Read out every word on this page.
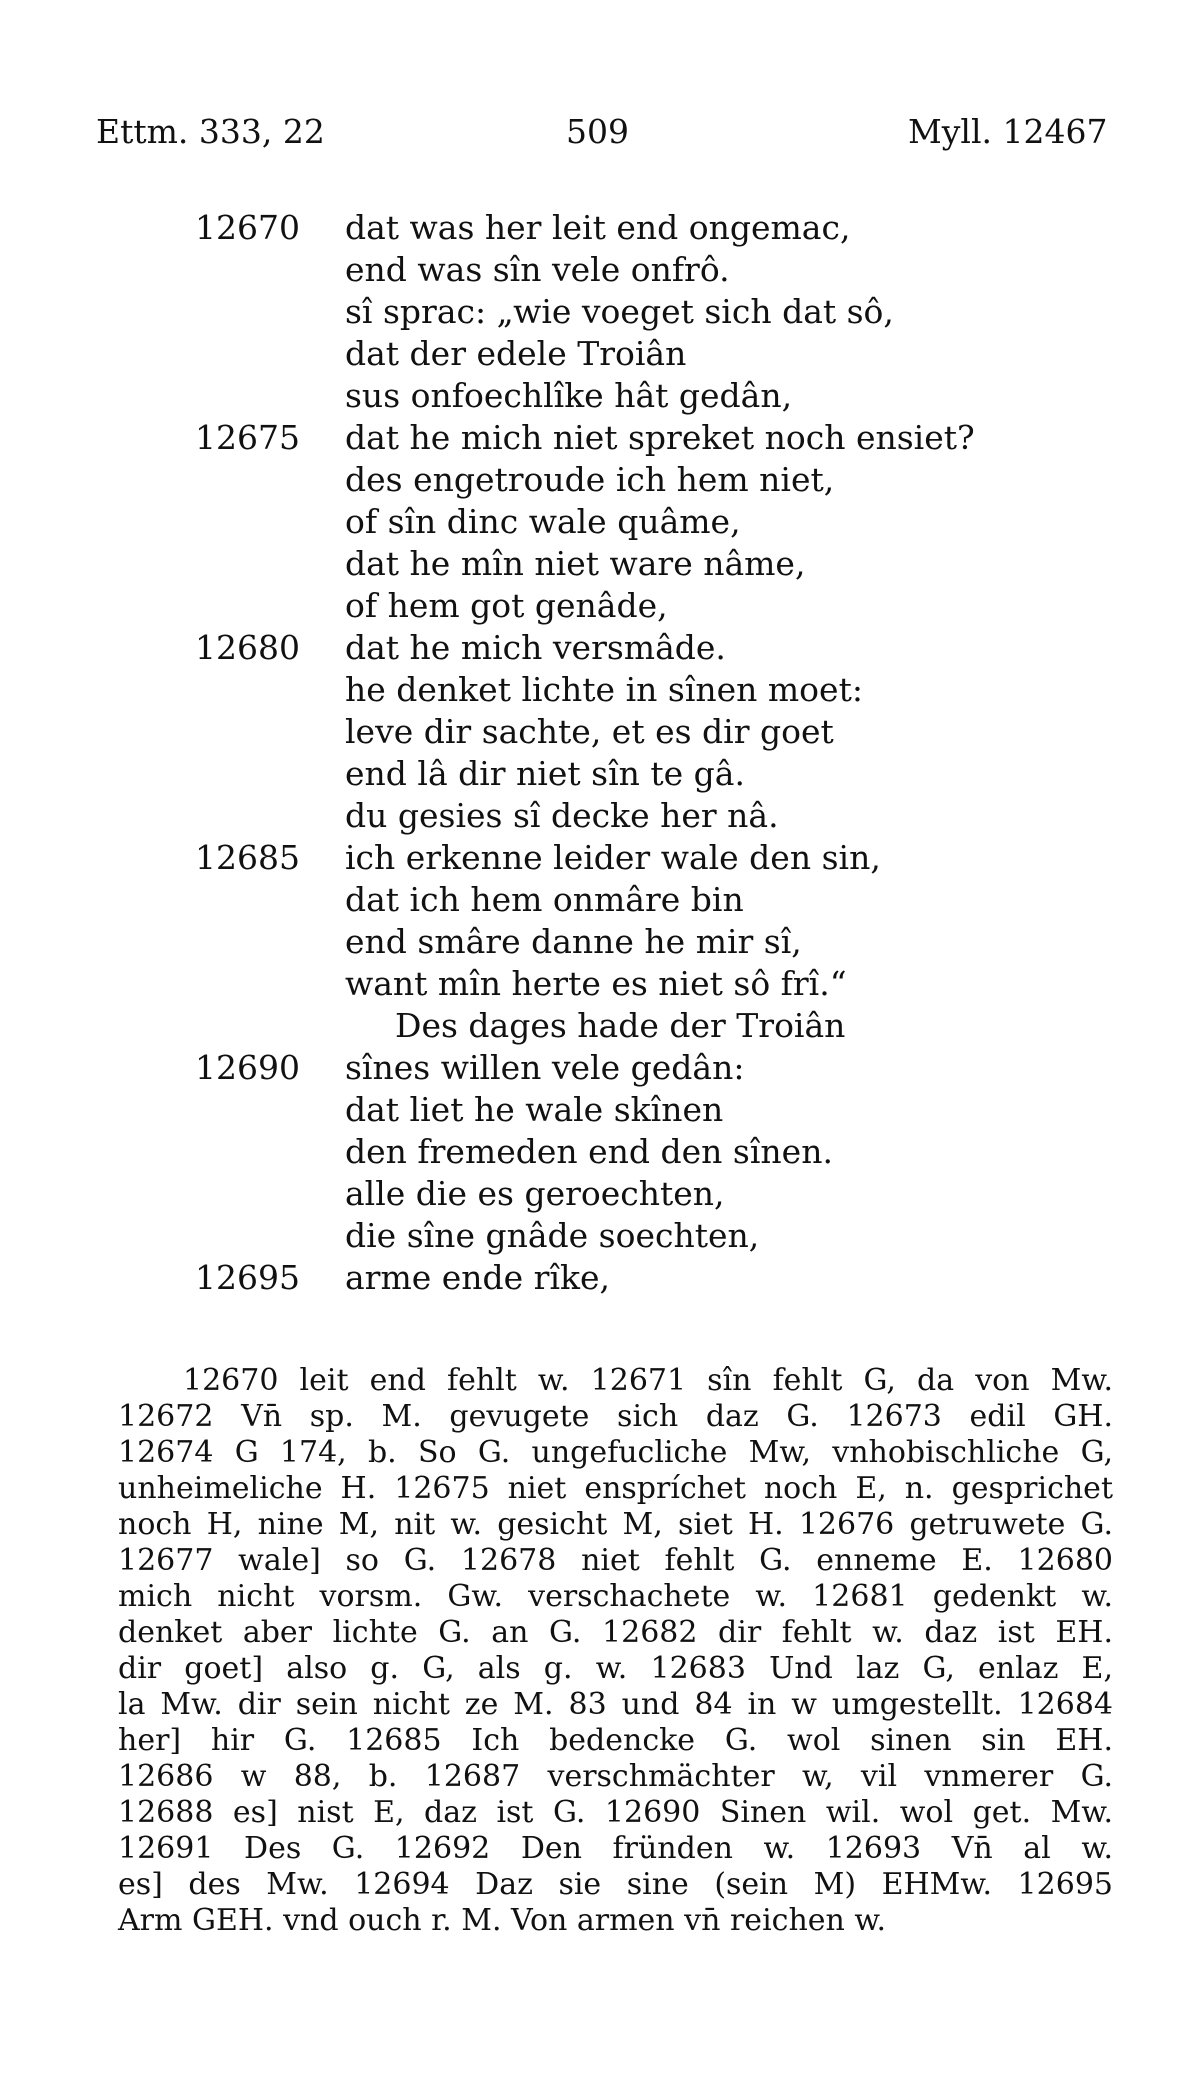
Ettm. 333, 22	509	Myll. 12467
12670 dat was her leit end ongemac,
end was sîn vele onfrô.
sî sprac: „wie voeget sich dat sô,
dat der edele Troiân
sus onfoechlîke hât gedân,
12675 dat he mich niet spreket noch ensiet?
des engetroude ich hem niet,
of sîn dinc wale quâme,
dat he mîn niet ware nâme,
of hem got genâde,
12680 dat he mich versmâde.
he denket lichte in sînen moet:
leve dir sachte, et es dir goet
end lâ dir niet sîn te gâ.
du gesies sî decke her nâ.
12685 ich erkenne leider wale den sin,
dat ich hem onmâre bin
end smâre danne he mir sî,
want mîn herte es niet sô frî.“
Des dages hade der Troiân
12690 sînes willen vele gedân:
dat liet he wale skînen
den fremeden end den sînen.
alle die es geroechten,
die sîne gnâde soechten,
12695 arme ende rîke,
12670 leit end fehlt w. 12671 sîn fehlt G, da von Mw.
12672 Vn̄ sp. M. gevugete sich daz G. 12673 edil GH.
12674 G 174, b. So G. ungefucliche Mw, vnhobischliche G,
unheimeliche H. 12675 niet enspríchet noch E, n. gesprichet
noch H, nine M, nit w. gesicht M, siet H. 12676 getruwete G.
12677 wale] so G. 12678 niet fehlt G. enneme E. 12680
mich nicht vorsm. Gw. verschachete w. 12681 gedenkt w.
denket aber lichte G. an G. 12682 dir fehlt w. daz ist EH.
dir goet] also g. G, als g. w. 12683 Und laz G, enlaz E,
la Mw. dir sein nicht ze M. 83 und 84 in w umgestellt. 12684
her] hir G. 12685 Ich bedencke G. wol sinen sin EH.
12686 w 88, b. 12687 verschmächter w, vil vnmerer G.
12688 es] nist E, daz ist G. 12690 Sinen wil. wol get. Mw.
12691 Des G. 12692 Den fründen w. 12693 Vn̄ al w.
es] des Mw. 12694 Daz sie sine (sein M) EHMw. 12695
Arm GEH. vnd ouch r. M. Von armen vn̄ reichen w.
